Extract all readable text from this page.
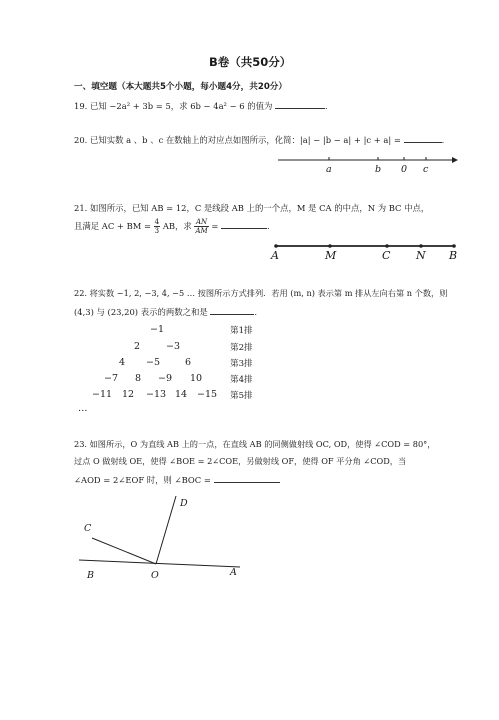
B卷（共50分）
一、填空题（本大题共5个小题，每小题4分，共20分）
19. 已知 −2a² + 3b = 5，求 6b − 4a² − 6 的值为	.
20. 已知实数 a 、b 、c 在数轴上的对应点如图所示，化简：|a| − |b − a| + |c + a| =	.
a	b 0 c
21. 如图所示，已知 AB = 12，C 是线段 AB 上的一个点，M 是 CA 的中点，N 为 BC 中点，
且满足 AC + BM = $\frac{4}{3}$ AB，求 $\frac{AN}{AM}$ =	.
A	M	C N B
22. 将实数 −1, 2, −3, 4, −5 … 按图所示方式排列．若用 (m, n) 表示第 m 排从左向右第 n 个数，则
(4,3) 与 (23,20) 表示的两数之和是	.
−1	第1排
2	−3	第2排
4 −5	6	第3排
−7 8 −9 10	第4排
−11 12 −13 14 −15 第5排
…
23. 如图所示，O 为直线 AB 上的一点，在直线 AB 的同侧做射线 OC, OD，使得 ∠COD = 80°，
过点 O 做射线 OE，使得 ∠BOE = 2∠COE，另做射线 OF，使得 OF 平分角 ∠COD，当
∠AOD = 2∠EOF 时，则 ∠BOC =
C
D
B	O	A
